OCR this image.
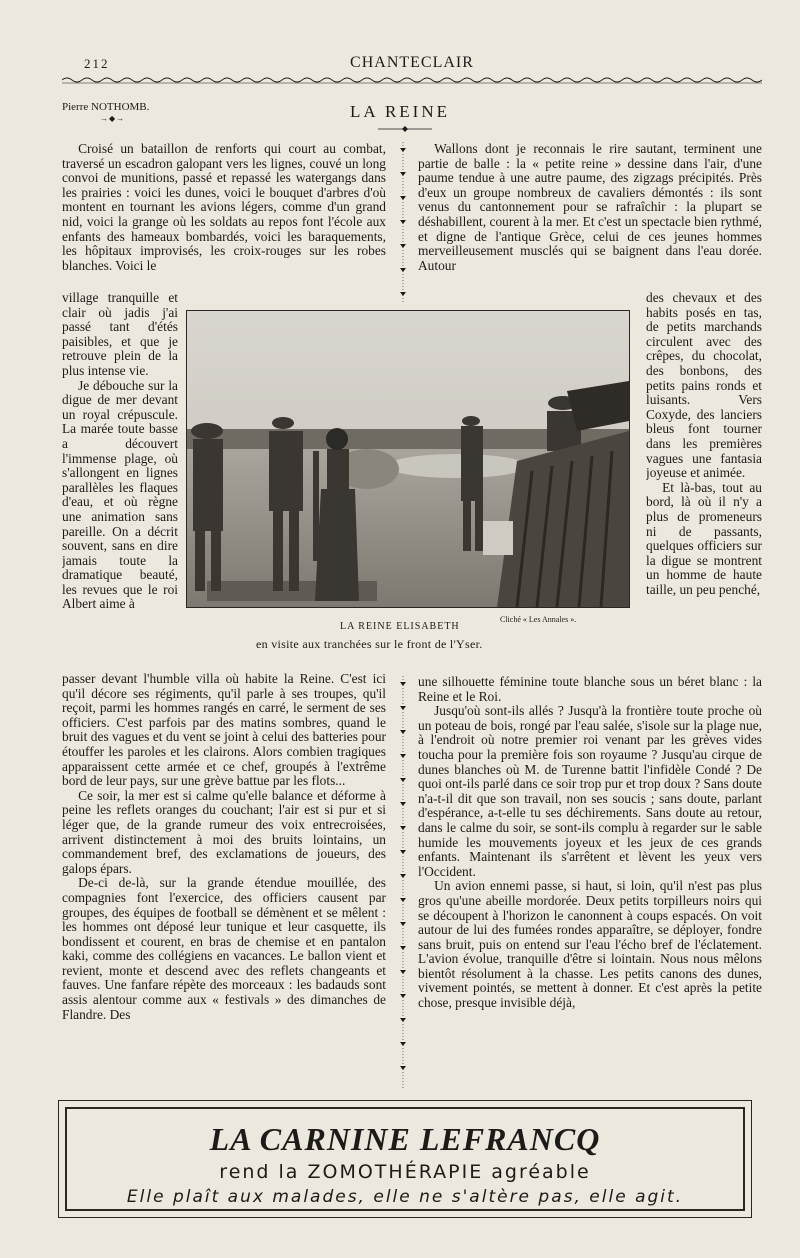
212	CHANTECLAIR
Pierre NOTHOMB.
→◆→	LA REINE

Croisé un bataillon de renforts qui court au combat, traversé un escadron galopant vers les lignes, couvé un long convoi de munitions, passé et repassé les watergangs dans les prairies : voici les dunes, voici le bouquet d'arbres d'où montent en tournant les avions légers, comme d'un grand nid, voici la grange où les soldats au repos font l'école aux enfants des hameaux bombardés, voici les baraquements, les hôpitaux improvisés, les croix-rouges sur les robes blanches. Voici le

Wallons dont je reconnais le rire sautant, terminent une partie de balle : la « petite reine » dessine dans l'air, d'une paume tendue à une autre paume, des zigzags précipités. Près d'eux un groupe nombreux de cavaliers démontés : ils sont venus du cantonnement pour se rafraîchir : la plupart se déshabillent, courent à la mer. Et c'est un spectacle bien rythmé, et digne de l'antique Grèce, celui de ces jeunes hommes merveilleusement musclés qui se baignent dans l'eau dorée. Autour

village tranquille et clair où jadis j'ai passé tant d'étés paisibles, et que je retrouve plein de la plus intense vie.

Je débouche sur la digue de mer devant un royal crépuscule. La marée toute basse a découvert l'immense plage, où s'allongent en lignes parallèles les flaques d'eau, et où règne une animation sans pareille. On a décrit souvent, sans en dire jamais toute la dramatique beauté, les revues que le roi Albert aime à

des chevaux et des habits posés en tas, de petits marchands circulent avec des crêpes, du chocolat, des bonbons, des petits pains ronds et luisants. Vers Coxyde, des lanciers bleus font tourner dans les premières vagues une fantasia joyeuse et animée.

Et là-bas, tout au bord, là où il n'y a plus de promeneurs ni de passants, quelques officiers sur la digue se montrent un homme de haute taille, un peu penché,

LA REINE ELISABETH
Cliché « Les Annales ».
en visite aux tranchées sur le front de l'Yser.

passer devant l'humble villa où habite la Reine. C'est ici qu'il décore ses régiments, qu'il parle à ses troupes, qu'il reçoit, parmi les hommes rangés en carré, le serment de ses officiers. C'est parfois par des matins sombres, quand le bruit des vagues et du vent se joint à celui des batteries pour étouffer les paroles et les clairons. Alors combien tragiques apparaissent cette armée et ce chef, groupés à l'extrême bord de leur pays, sur une grève battue par les flots...

Ce soir, la mer est si calme qu'elle balance et déforme à peine les reflets oranges du couchant; l'air est si pur et si léger que, de la grande rumeur des voix entrecroisées, arrivent distinctement à moi des bruits lointains, un commandement bref, des exclamations de joueurs, des galops épars.

De-ci de-là, sur la grande étendue mouillée, des compagnies font l'exercice, des officiers causent par groupes, des équipes de football se démènent et se mêlent : les hommes ont déposé leur tunique et leur casquette, ils bondissent et courent, en bras de chemise et en pantalon kaki, comme des collégiens en vacances. Le ballon vient et revient, monte et descend avec des reflets changeants et fauves. Une fanfare répète des morceaux : les badauds sont assis alentour comme aux « festivals » des dimanches de Flandre. Des

une silhouette féminine toute blanche sous un béret blanc : la Reine et le Roi.

Jusqu'où sont-ils allés ? Jusqu'à la frontière toute proche où un poteau de bois, rongé par l'eau salée, s'isole sur la plage nue, à l'endroit où notre premier roi venant par les grèves vides toucha pour la première fois son royaume ? Jusqu'au cirque de dunes blanches où M. de Turenne battit l'infidèle Condé ? De quoi ont-ils parlé dans ce soir trop pur et trop doux ? Sans doute n'a-t-il dit que son travail, non ses soucis ; sans doute, parlant d'espérance, a-t-elle tu ses déchirements. Sans doute au retour, dans le calme du soir, se sont-ils complu à regarder sur le sable humide les mouvements joyeux et les jeux de ces grands enfants. Maintenant ils s'arrêtent et lèvent les yeux vers l'Occident.

Un avion ennemi passe, si haut, si loin, qu'il n'est pas plus gros qu'une abeille mordorée. Deux petits torpilleurs noirs qui se découpent à l'horizon le canonnent à coups espacés. On voit autour de lui des fumées rondes apparaître, se déployer, fondre sans bruit, puis on entend sur l'eau l'écho bref de l'éclatement. L'avion évolue, tranquille d'être si lointain. Nous nous mêlons bientôt résolument à la chasse. Les petits canons des dunes, vivement pointés, se mettent à donner. Et c'est après la petite chose, presque invisible déjà,

LA CARNINE LEFRANCQ
rend la ZOMOTHÉRAPIE agréable
Elle plaît aux malades, elle ne s'altère pas, elle agit.
